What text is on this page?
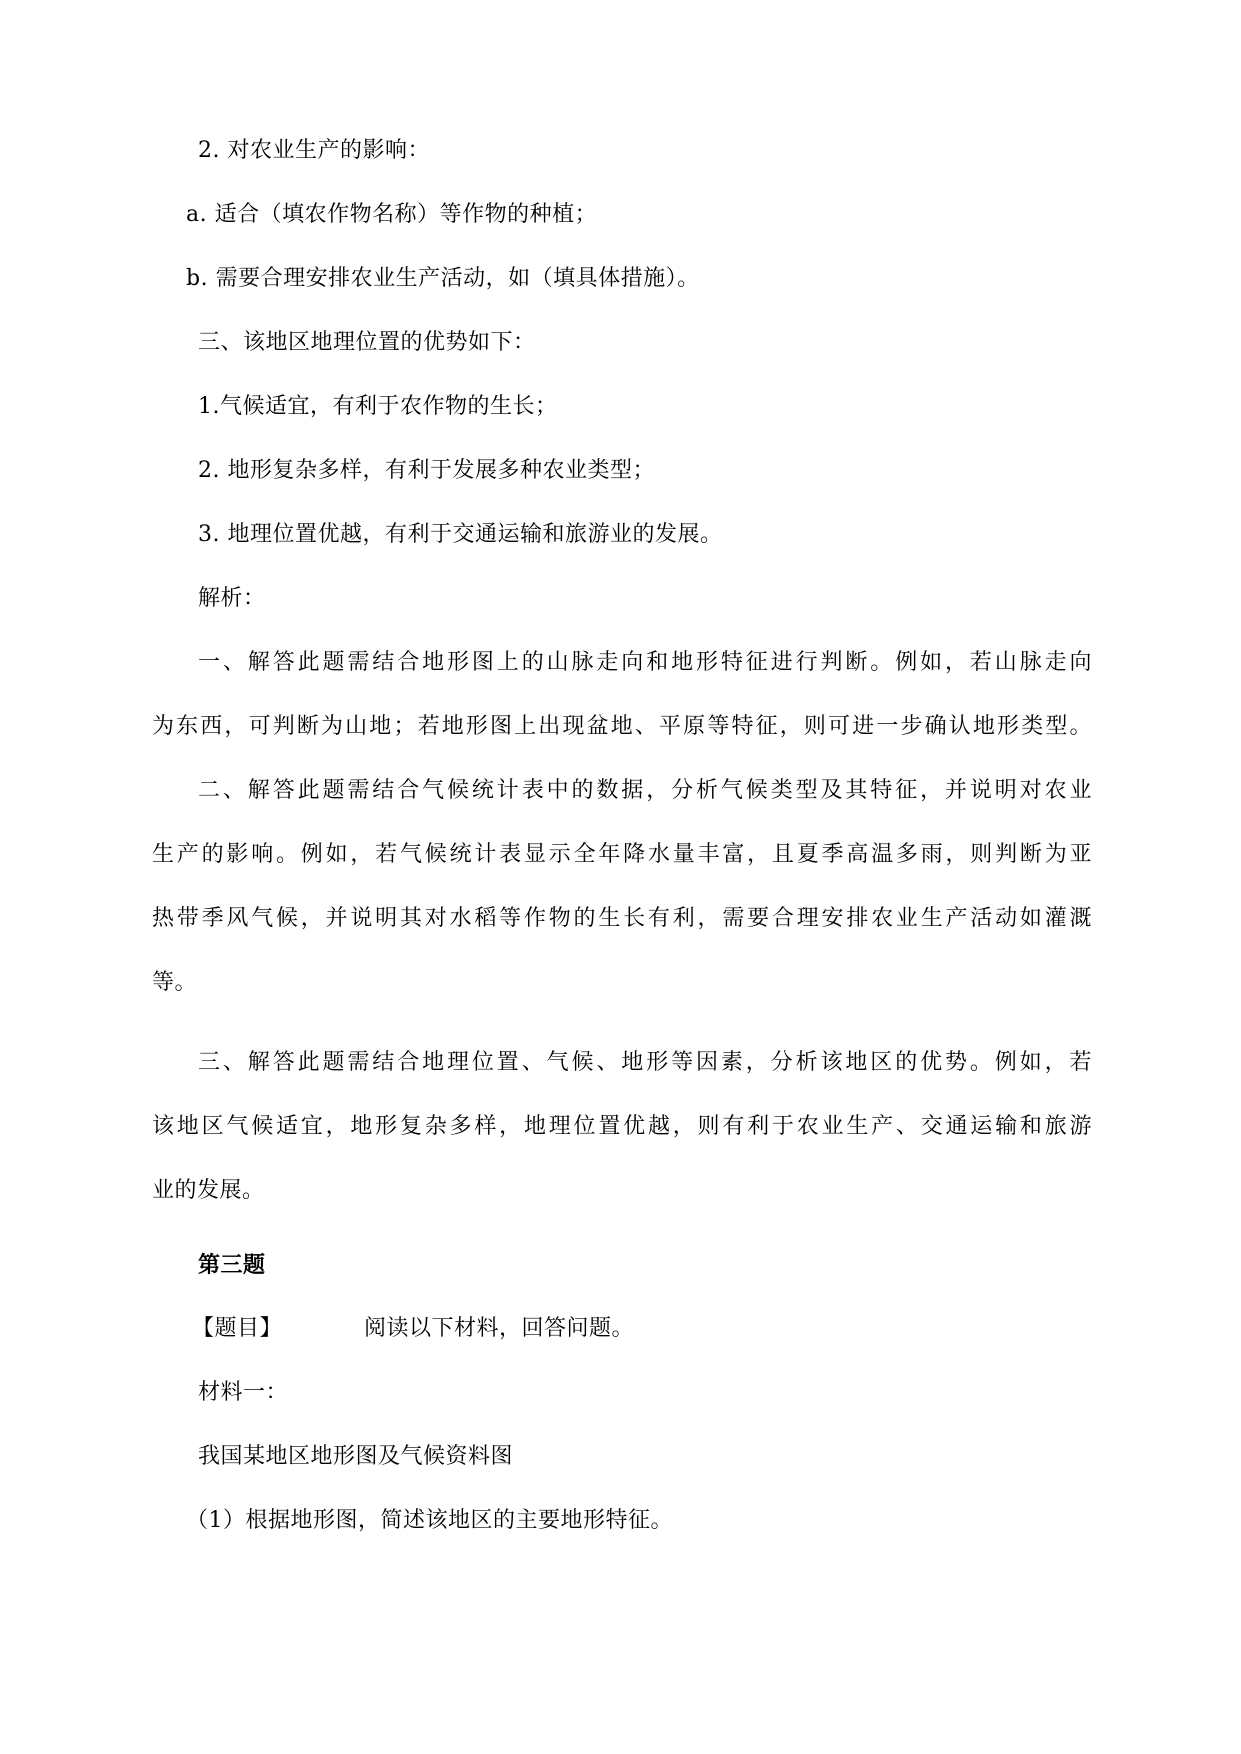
2. 对农业生产的影响：
a. 适合（填农作物名称）等作物的种植；
b. 需要合理安排农业生产活动，如（填具体措施）。
三、该地区地理位置的优势如下：
1.气候适宜，有利于农作物的生长；
2. 地形复杂多样，有利于发展多种农业类型；
3. 地理位置优越，有利于交通运输和旅游业的发展。
解析：
一、解答此题需结合地形图上的山脉走向和地形特征进行判断。例如，若山脉走向
为东西，可判断为山地；若地形图上出现盆地、平原等特征，则可进一步确认地形类型。
二、解答此题需结合气候统计表中的数据，分析气候类型及其特征，并说明对农业
生产的影响。例如，若气候统计表显示全年降水量丰富，且夏季高温多雨，则判断为亚
热带季风气候，并说明其对水稻等作物的生长有利，需要合理安排农业生产活动如灌溉
等。
三、解答此题需结合地理位置、气候、地形等因素，分析该地区的优势。例如，若
该地区气候适宜，地形复杂多样，地理位置优越，则有利于农业生产、交通运输和旅游
业的发展。
第三题
【题目】	阅读以下材料，回答问题。
材料一：
我国某地区地形图及气候资料图
（1）根据地形图，简述该地区的主要地形特征。
